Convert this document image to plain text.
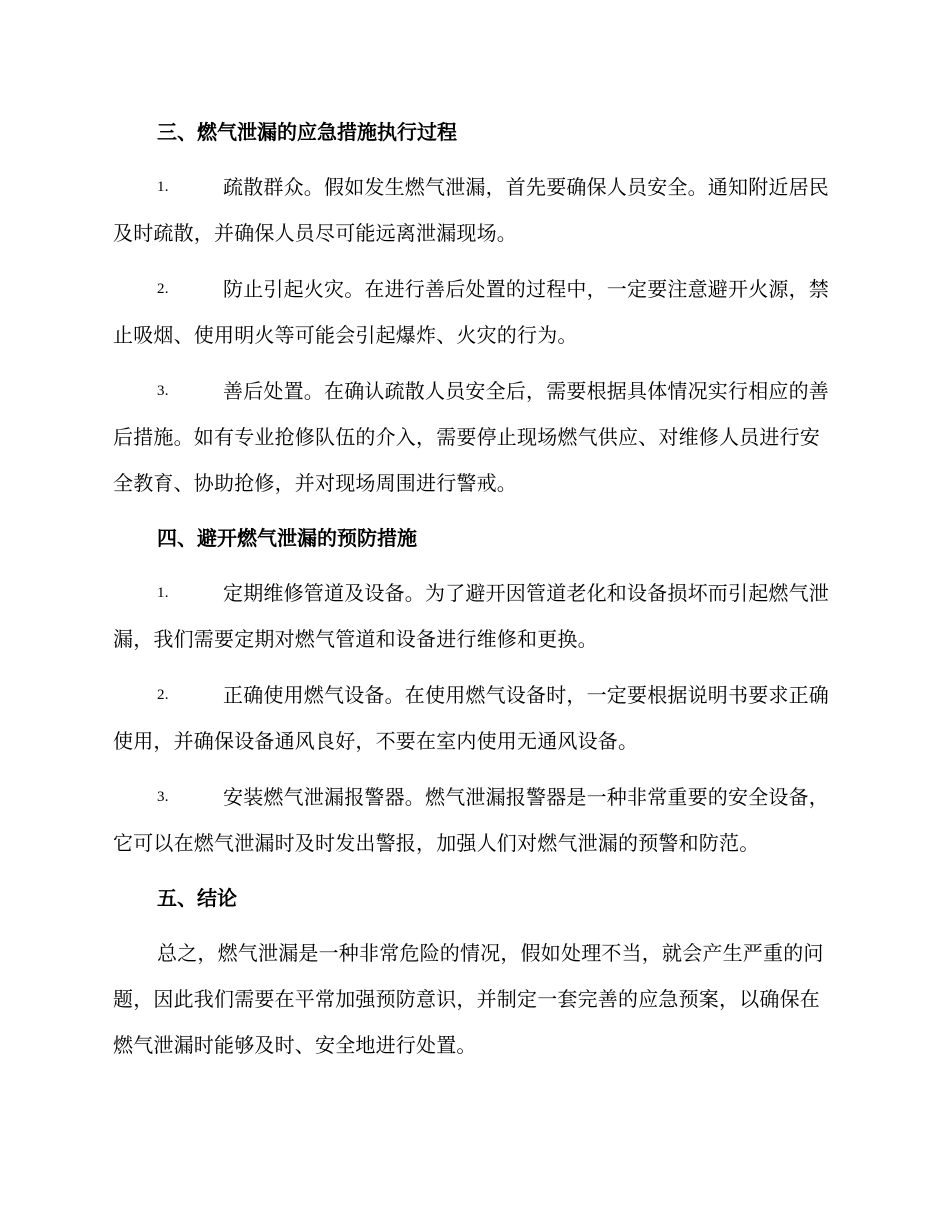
三、燃气泄漏的应急措施执行过程

1.	疏散群众。假如发生燃气泄漏，首先要确保人员安全。通知附近居民及时疏散，并确保人员尽可能远离泄漏现场。

2.	防止引起火灾。在进行善后处置的过程中，一定要注意避开火源，禁止吸烟、使用明火等可能会引起爆炸、火灾的行为。

3.	善后处置。在确认疏散人员安全后，需要根据具体情况实行相应的善后措施。如有专业抢修队伍的介入，需要停止现场燃气供应、对维修人员进行安全教育、协助抢修，并对现场周围进行警戒。

四、避开燃气泄漏的预防措施

1.	定期维修管道及设备。为了避开因管道老化和设备损坏而引起燃气泄漏，我们需要定期对燃气管道和设备进行维修和更换。

2.	正确使用燃气设备。在使用燃气设备时，一定要根据说明书要求正确使用，并确保设备通风良好，不要在室内使用无通风设备。

3.	安装燃气泄漏报警器。燃气泄漏报警器是一种非常重要的安全设备，它可以在燃气泄漏时及时发出警报，加强人们对燃气泄漏的预警和防范。

五、结论

总之，燃气泄漏是一种非常危险的情况，假如处理不当，就会产生严重的问题，因此我们需要在平常加强预防意识，并制定一套完善的应急预案，以确保在燃气泄漏时能够及时、安全地进行处置。
